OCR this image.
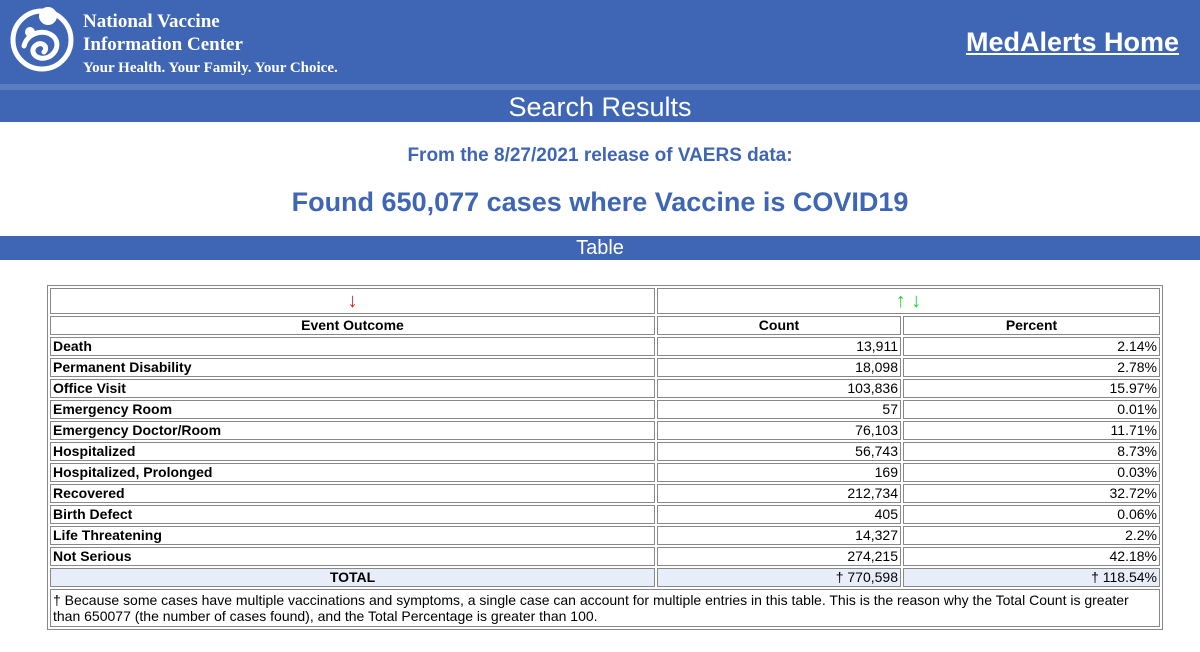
National Vaccine
Information Center
Your Health. Your Family. Your Choice.
MedAlerts Home
Search Results
From the 8/27/2021 release of VAERS data:
Found 650,077 cases where Vaccine is COVID19
Table
↓	↑ ↓	
Event Outcome	Count	Percent
Death	13,911	2.14%
Permanent Disability	18,098	2.78%
Office Visit	103,836	15.97%
Emergency Room	57	0.01%
Emergency Doctor/Room	76,103	11.71%
Hospitalized	56,743	8.73%
Hospitalized, Prolonged	169	0.03%
Recovered	212,734	32.72%
Birth Defect	405	0.06%
Life Threatening	14,327	2.2%
Not Serious	274,215	42.18%
TOTAL	† 770,598	† 118.54%
† Because some cases have multiple vaccinations and symptoms, a single case can account for multiple entries in this table. This is the reason why the Total Count is greater than 650077 (the number of cases found), and the Total Percentage is greater than 100.		
